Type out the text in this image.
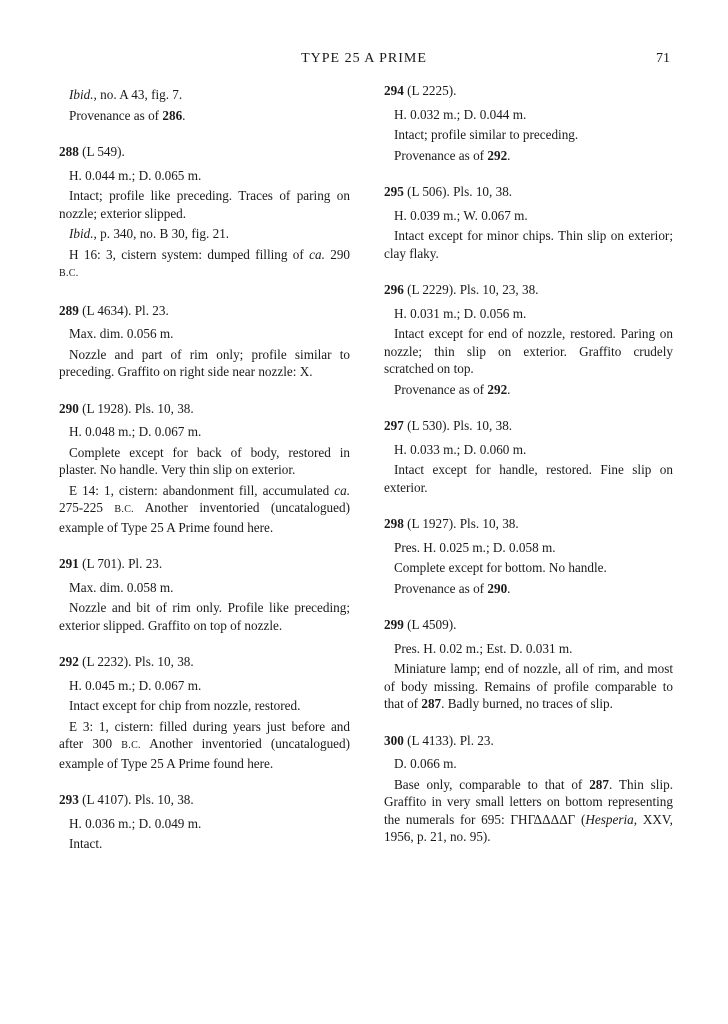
TYPE 25 A PRIME	71
Ibid., no. A 43, fig. 7.
Provenance as of 286.
288 (L 549).
H. 0.044 m.; D. 0.065 m.
Intact; profile like preceding. Traces of paring on nozzle; exterior slipped.
Ibid., p. 340, no. B 30, fig. 21.
H 16: 3, cistern system: dumped filling of ca. 290 B.C.
289 (L 4634). Pl. 23.
Max. dim. 0.056 m.
Nozzle and part of rim only; profile similar to preceding. Graffito on right side near nozzle: X.
290 (L 1928). Pls. 10, 38.
H. 0.048 m.; D. 0.067 m.
Complete except for back of body, restored in plaster. No handle. Very thin slip on exterior.
E 14: 1, cistern: abandonment fill, accumulated ca. 275-225 B.C. Another inventoried (uncatalogued) example of Type 25 A Prime found here.
291 (L 701). Pl. 23.
Max. dim. 0.058 m.
Nozzle and bit of rim only. Profile like preceding; exterior slipped. Graffito on top of nozzle.
292 (L 2232). Pls. 10, 38.
H. 0.045 m.; D. 0.067 m.
Intact except for chip from nozzle, restored.
E 3: 1, cistern: filled during years just before and after 300 B.C. Another inventoried (uncatalogued) example of Type 25 A Prime found here.
293 (L 4107). Pls. 10, 38.
H. 0.036 m.; D. 0.049 m.
Intact.
294 (L 2225).
H. 0.032 m.; D. 0.044 m.
Intact; profile similar to preceding.
Provenance as of 292.
295 (L 506). Pls. 10, 38.
H. 0.039 m.; W. 0.067 m.
Intact except for minor chips. Thin slip on exterior; clay flaky.
296 (L 2229). Pls. 10, 23, 38.
H. 0.031 m.; D. 0.056 m.
Intact except for end of nozzle, restored. Paring on nozzle; thin slip on exterior. Graffito crudely scratched on top.
Provenance as of 292.
297 (L 530). Pls. 10, 38.
H. 0.033 m.; D. 0.060 m.
Intact except for handle, restored. Fine slip on exterior.
298 (L 1927). Pls. 10, 38.
Pres. H. 0.025 m.; D. 0.058 m.
Complete except for bottom. No handle.
Provenance as of 290.
299 (L 4509).
Pres. H. 0.02 m.; Est. D. 0.031 m.
Miniature lamp; end of nozzle, all of rim, and most of body missing. Remains of profile comparable to that of 287. Badly burned, no traces of slip.
300 (L 4133). Pl. 23.
D. 0.066 m.
Base only, comparable to that of 287. Thin slip. Graffito in very small letters on bottom representing the numerals for 695: ΓΗΓΔΔΔΔΓ (Hesperia, XXV, 1956, p. 21, no. 95).
